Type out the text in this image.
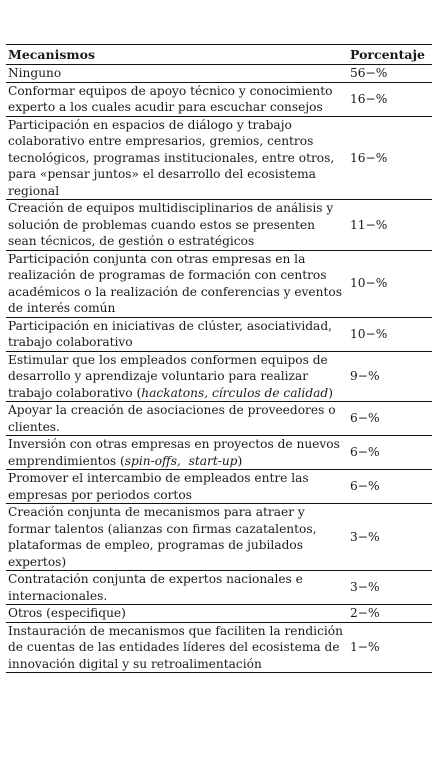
Mecanismos	Porcentaje
Ninguno	56−%
Conformar equipos de apoyo técnico y conocimiento experto a los cuales acudir para escuchar consejos	16−%
Participación en espacios de diálogo y trabajo colaborativo entre empresarios, gremios, centros tecnológicos, programas institucionales, entre otros, para «pensar juntos» el desarrollo del ecosistema regional	16−%
Creación de equipos multidisciplinarios de análisis y solución de problemas cuando estos se presenten sean técnicos, de gestión o estratégicos	11−%
Participación conjunta con otras empresas en la realización de programas de formación con centros académicos o la realización de conferencias y eventos de interés común	10−%
Participación en iniciativas de clúster, asociatividad, trabajo colaborativo	10−%
Estimular que los empleados conformen equipos de desarrollo y aprendizaje voluntario para realizar trabajo colaborativo (hackatons, círculos de calidad)	9−%
Apoyar la creación de asociaciones de proveedores o clientes.	6−%
Inversión con otras empresas en proyectos de nuevos emprendimientos (spin-offs, start-up)	6−%
Promover el intercambio de empleados entre las empresas por periodos cortos	6−%
Creación conjunta de mecanismos para atraer y formar talentos (alianzas con firmas cazatalentos, plataformas de empleo, programas de jubilados expertos)	3−%
Contratación conjunta de expertos nacionales e internacionales.	3−%
Otros (especifique)	2−%
Instauración de mecanismos que faciliten la rendición de cuentas de las entidades líderes del ecosistema de innovación digital y su retroalimentación	1−%
